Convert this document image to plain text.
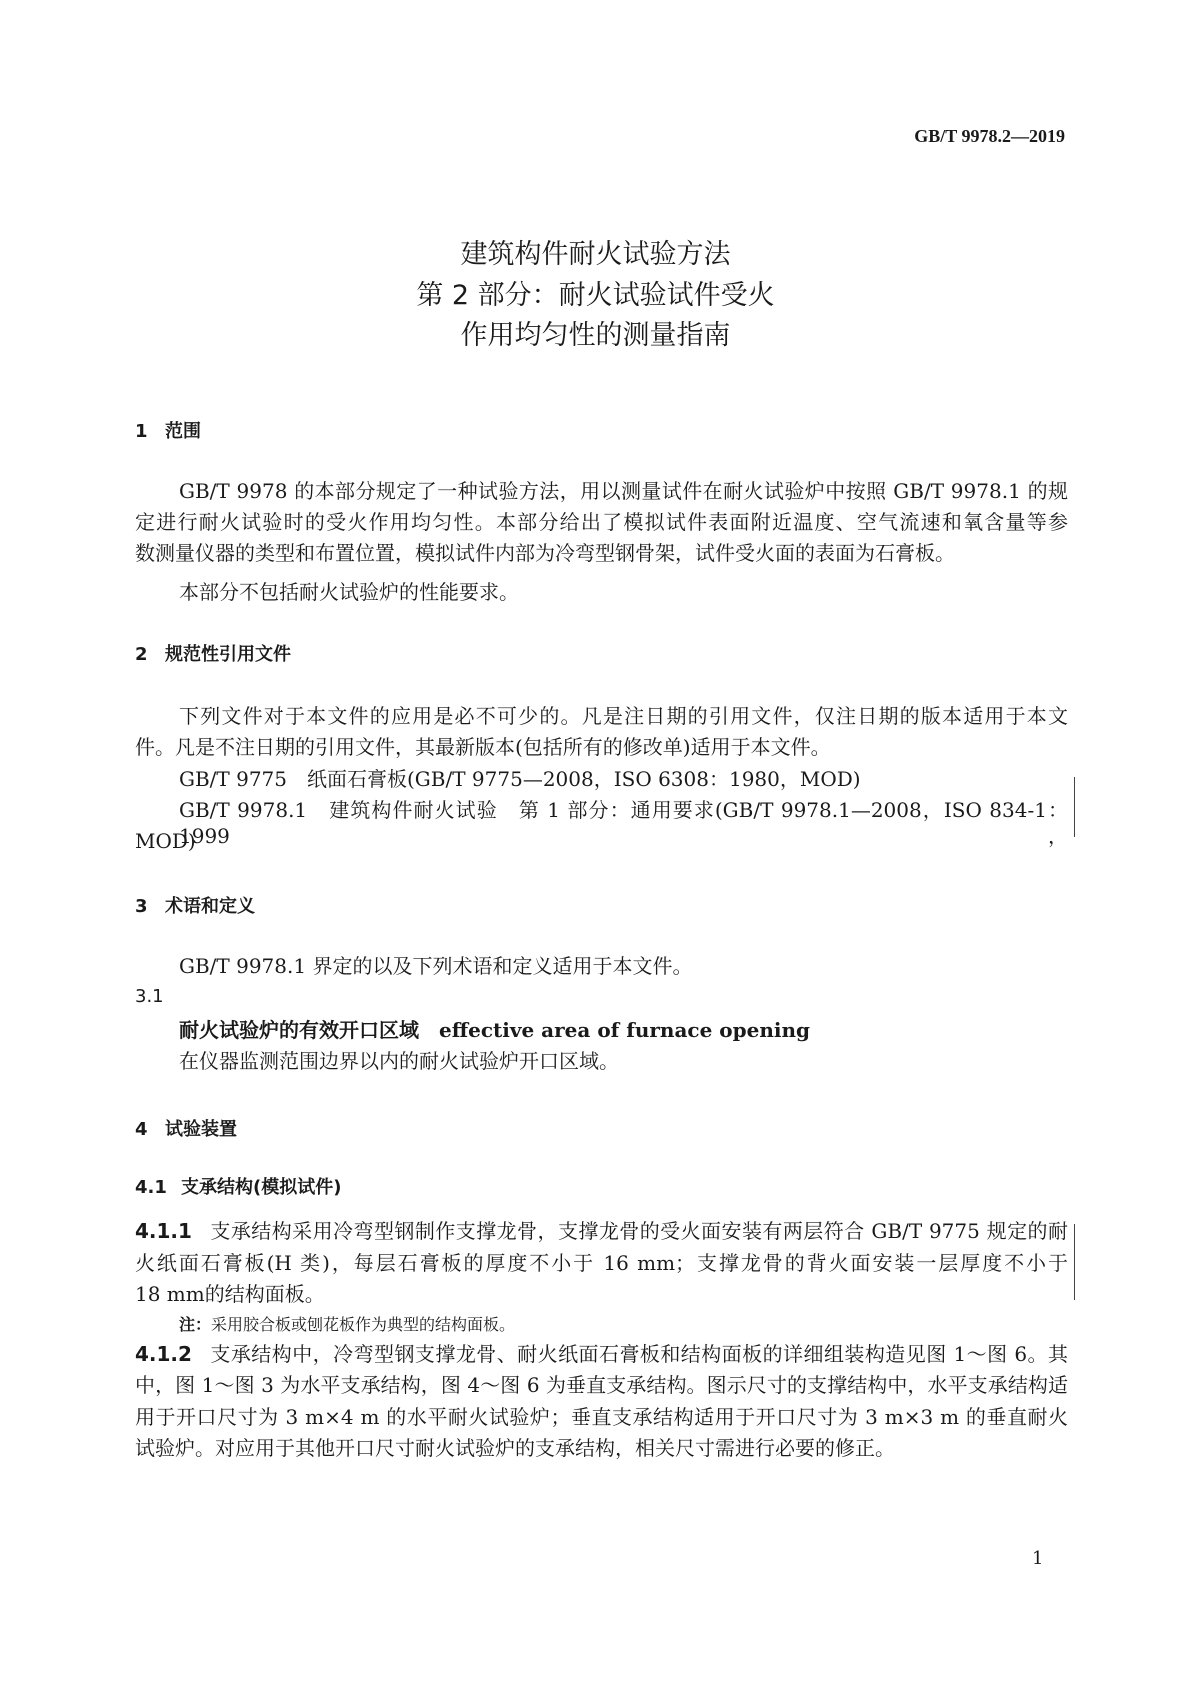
GB/T 9978.2—2019
建筑构件耐火试验方法
第 2 部分：耐火试验试件受火
作用均匀性的测量指南
1 范围
GB/T 9978 的本部分规定了一种试验方法，用以测量试件在耐火试验炉中按照 GB/T 9978.1 的规
定进行耐火试验时的受火作用均匀性。本部分给出了模拟试件表面附近温度、空气流速和氧含量等参
数测量仪器的类型和布置位置，模拟试件内部为冷弯型钢骨架，试件受火面的表面为石膏板。
本部分不包括耐火试验炉的性能要求。
2 规范性引用文件
下列文件对于本文件的应用是必不可少的。凡是注日期的引用文件，仅注日期的版本适用于本文
件。凡是不注日期的引用文件，其最新版本(包括所有的修改单)适用于本文件。
GB/T 9775　纸面石膏板(GB/T 9775—2008，ISO 6308：1980，MOD)
GB/T 9978.1　建筑构件耐火试验　第 1 部分：通用要求(GB/T 9978.1—2008，ISO 834-1：1999，
MOD)
3 术语和定义
GB/T 9978.1 界定的以及下列术语和定义适用于本文件。
3.1
耐火试验炉的有效开口区域　effective area of furnace opening
在仪器监测范围边界以内的耐火试验炉开口区域。
4 试验装置
4.1 支承结构(模拟试件)
4.1.1 支承结构采用冷弯型钢制作支撑龙骨，支撑龙骨的受火面安装有两层符合 GB/T 9775 规定的耐
火纸面石膏板(H 类)，每层石膏板的厚度不小于 16 mm；支撑龙骨的背火面安装一层厚度不小于
18 mm的结构面板。
注：采用胶合板或刨花板作为典型的结构面板。
4.1.2 支承结构中，冷弯型钢支撑龙骨、耐火纸面石膏板和结构面板的详细组装构造见图 1～图 6。其
中，图 1～图 3 为水平支承结构，图 4～图 6 为垂直支承结构。图示尺寸的支撑结构中，水平支承结构适
用于开口尺寸为 3 m×4 m 的水平耐火试验炉；垂直支承结构适用于开口尺寸为 3 m×3 m 的垂直耐火
试验炉。对应用于其他开口尺寸耐火试验炉的支承结构，相关尺寸需进行必要的修正。
1
